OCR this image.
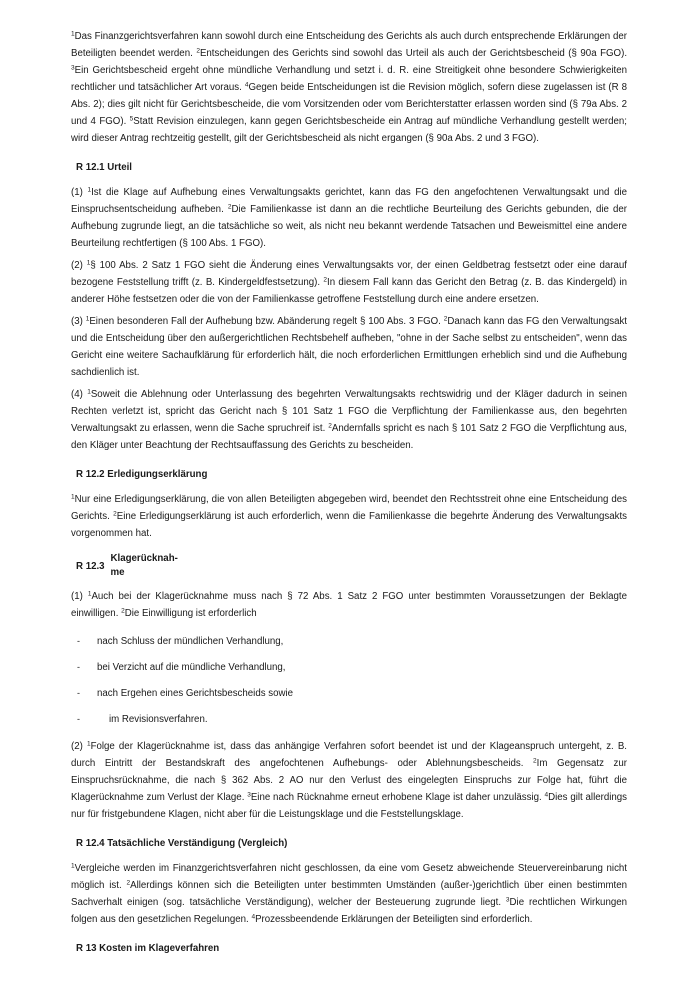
$^1$Das Finanzgerichtsverfahren kann sowohl durch eine Entscheidung des Gerichts als auch durch entsprechende Erklärungen der Beteiligten beendet werden. $^2$Entscheidungen des Gerichts sind sowohl das Urteil als auch der Gerichtsbescheid (§ 90a FGO). $^3$Ein Gerichtsbescheid ergeht ohne mündliche Verhandlung und setzt i. d. R. eine Streitigkeit ohne besondere Schwierigkeiten rechtlicher und tatsächlicher Art voraus. $^4$Gegen beide Entscheidungen ist die Revision möglich, sofern diese zugelassen ist (R 8 Abs. 2); dies gilt nicht für Gerichtsbescheide, die vom Vorsitzenden oder vom Berichterstatter erlassen worden sind (§ 79a Abs. 2 und 4 FGO). $^5$Statt Revision einzulegen, kann gegen Gerichtsbescheide ein Antrag auf mündliche Verhandlung gestellt werden; wird dieser Antrag rechtzeitig gestellt, gilt der Gerichtsbescheid als nicht ergangen (§ 90a Abs. 2 und 3 FGO).

R 12.1 Urteil

(1) $^1$Ist die Klage auf Aufhebung eines Verwaltungsakts gerichtet, kann das FG den angefochtenen Verwaltungsakt und die Einspruchsentscheidung aufheben. $^2$Die Familienkasse ist dann an die rechtliche Beurteilung des Gerichts gebunden, die der Aufhebung zugrunde liegt, an die tatsächliche so weit, als nicht neu bekannt werdende Tatsachen und Beweismittel eine andere Beurteilung rechtfertigen (§ 100 Abs. 1 FGO).

(2) $^1$§ 100 Abs. 2 Satz 1 FGO sieht die Änderung eines Verwaltungsakts vor, der einen Geldbetrag festsetzt oder eine darauf bezogene Feststellung trifft (z. B. Kindergeldfestsetzung). $^2$In diesem Fall kann das Gericht den Betrag (z. B. das Kindergeld) in anderer Höhe festsetzen oder die von der Familienkasse getroffene Feststellung durch eine andere ersetzen.

(3) $^1$Einen besonderen Fall der Aufhebung bzw. Abänderung regelt § 100 Abs. 3 FGO. $^2$Danach kann das FG den Verwaltungsakt und die Entscheidung über den außergerichtlichen Rechtsbehelf aufheben, "ohne in der Sache selbst zu entscheiden", wenn das Gericht eine weitere Sachaufklärung für erforderlich hält, die noch erforderlichen Ermittlungen erheblich sind und die Aufhebung sachdienlich ist.

(4) $^1$Soweit die Ablehnung oder Unterlassung des begehrten Verwaltungsakts rechtswidrig und der Kläger dadurch in seinen Rechten verletzt ist, spricht das Gericht nach § 101 Satz 1 FGO die Verpflichtung der Familienkasse aus, den begehrten Verwaltungsakt zu erlassen, wenn die Sache spruchreif ist. $^2$Andernfalls spricht es nach § 101 Satz 2 FGO die Verpflichtung aus, den Kläger unter Beachtung der Rechtsauffassung des Gerichts zu bescheiden.

R 12.2 Erledigungserklärung

$^1$Nur eine Erledigungserklärung, die von allen Beteiligten abgegeben wird, beendet den Rechtsstreit ohne eine Entscheidung des Gerichts. $^2$Eine Erledigungserklärung ist auch erforderlich, wenn die Familienkasse die begehrte Änderung des Verwaltungsakts vorgenommen hat.

R 12.3
Klagerücknah-
me

(1) $^1$Auch bei der Klagerücknahme muss nach § 72 Abs. 1 Satz 2 FGO unter bestimmten Voraussetzungen der Beklagte einwilligen. $^2$Die Einwilligung ist erforderlich

-	nach Schluss der mündlichen Verhandlung,
-	bei Verzicht auf die mündliche Verhandlung,
-	nach Ergehen eines Gerichtsbescheids sowie
-	im Revisionsverfahren.

(2) $^1$Folge der Klagerücknahme ist, dass das anhängige Verfahren sofort beendet ist und der Klageanspruch untergeht, z. B. durch Eintritt der Bestandskraft des angefochtenen Aufhebungs- oder Ablehnungsbescheids. $^2$Im Gegensatz zur Einspruchsrücknahme, die nach § 362 Abs. 2 AO nur den Verlust des eingelegten Einspruchs zur Folge hat, führt die Klagerücknahme zum Verlust der Klage. $^3$Eine nach Rücknahme erneut erhobene Klage ist daher unzulässig. $^4$Dies gilt allerdings nur für fristgebundene Klagen, nicht aber für die Leistungsklage und die Feststellungsklage.

R 12.4 Tatsächliche Verständigung (Vergleich)

$^1$Vergleiche werden im Finanzgerichtsverfahren nicht geschlossen, da eine vom Gesetz abweichende Steuervereinbarung nicht möglich ist. $^2$Allerdings können sich die Beteiligten unter bestimmten Umständen (außer-)gerichtlich über einen bestimmten Sachverhalt einigen (sog. tatsächliche Verständigung), welcher der Besteuerung zugrunde liegt. $^3$Die rechtlichen Wirkungen folgen aus den gesetzlichen Regelungen. $^4$Prozessbeendende Erklärungen der Beteiligten sind erforderlich.

R 13 Kosten im Klageverfahren
